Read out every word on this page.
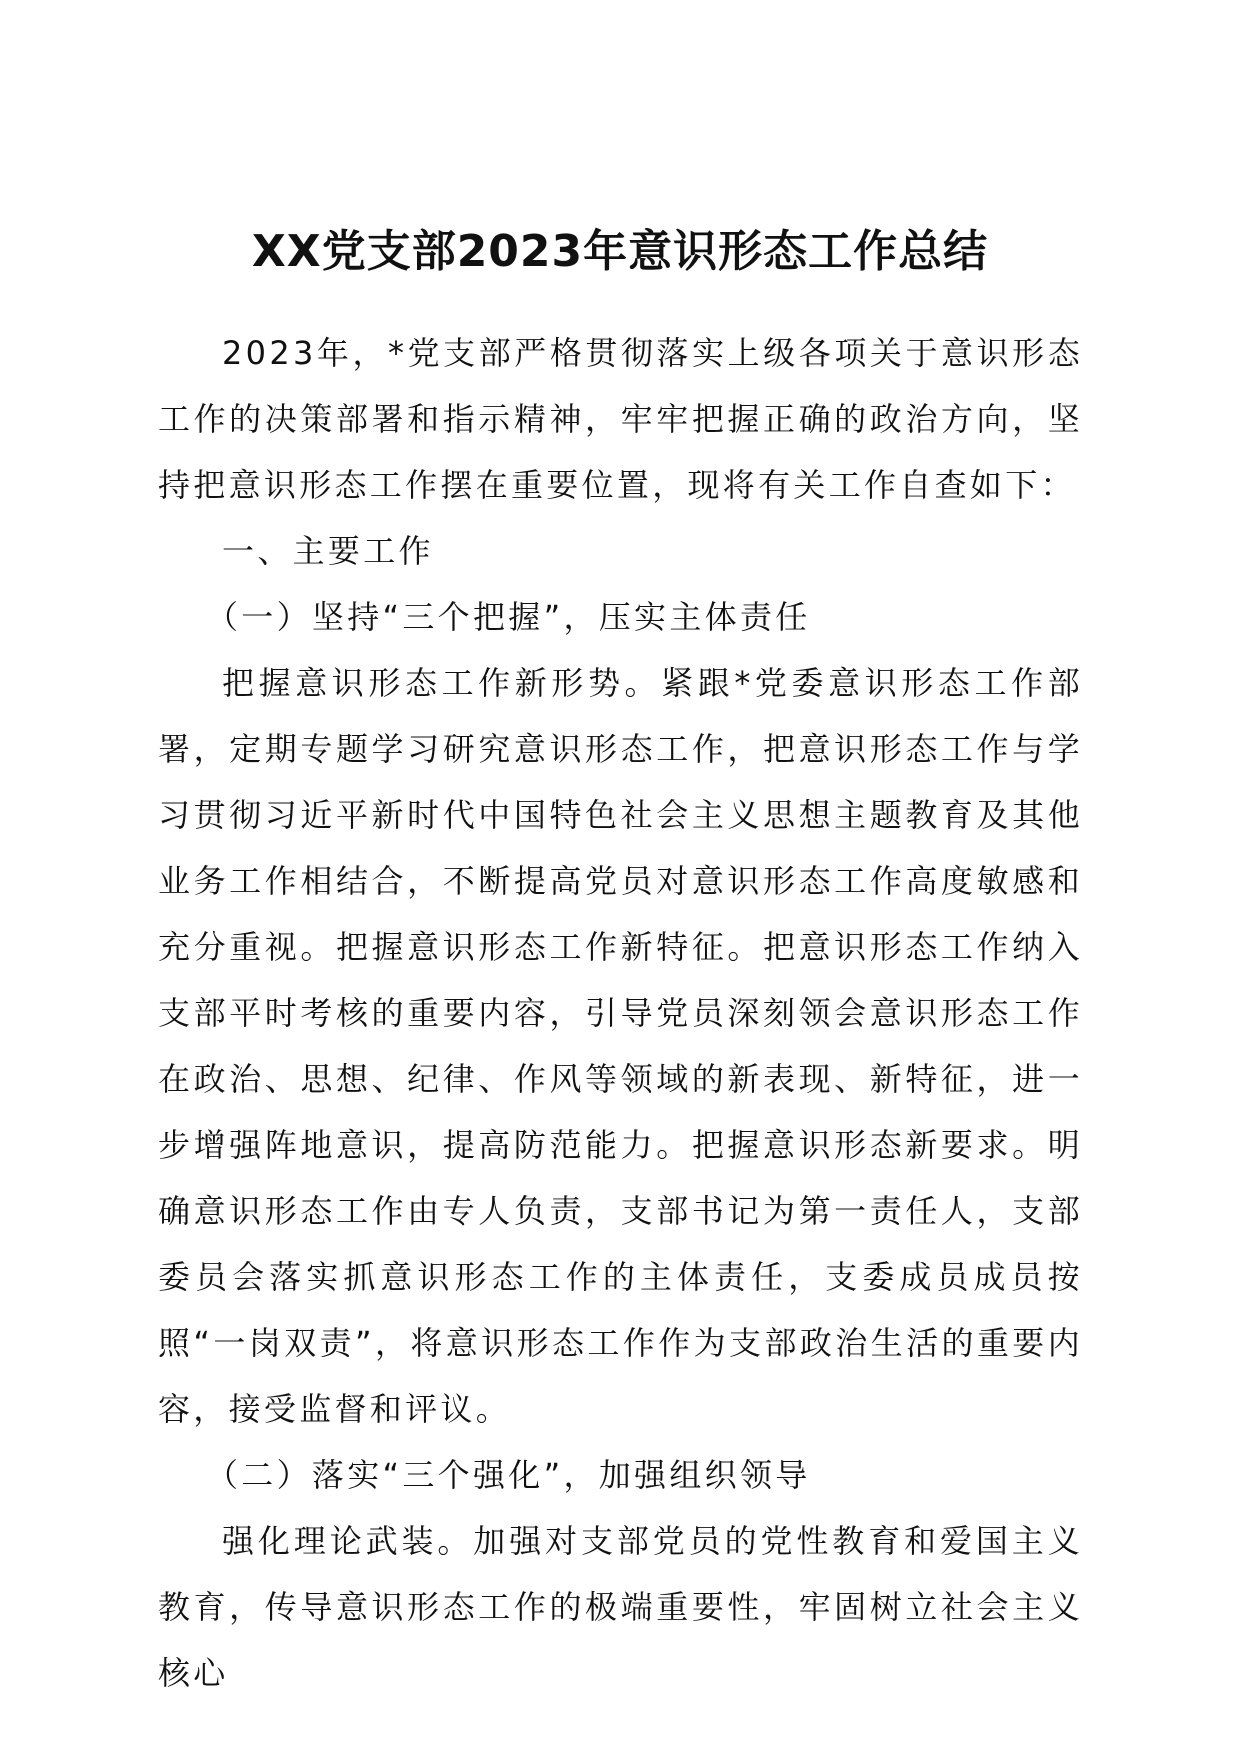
XX党支部2023年意识形态工作总结

2023年，*党支部严格贯彻落实上级各项关于意识形态工作的决策部署和指示精神，牢牢把握正确的政治方向，坚持把意识形态工作摆在重要位置，现将有关工作自查如下：

一、主要工作

（一）坚持“三个把握”，压实主体责任

把握意识形态工作新形势。紧跟*党委意识形态工作部署，定期专题学习研究意识形态工作，把意识形态工作与学习贯彻习近平新时代中国特色社会主义思想主题教育及其他业务工作相结合，不断提高党员对意识形态工作高度敏感和充分重视。把握意识形态工作新特征。把意识形态工作纳入支部平时考核的重要内容，引导党员深刻领会意识形态工作在政治、思想、纪律、作风等领域的新表现、新特征，进一步增强阵地意识，提高防范能力。把握意识形态新要求。明确意识形态工作由专人负责，支部书记为第一责任人，支部委员会落实抓意识形态工作的主体责任，支委成员成员按照“一岗双责”，将意识形态工作作为支部政治生活的重要内容，接受监督和评议。

（二）落实“三个强化”，加强组织领导

强化理论武装。加强对支部党员的党性教育和爱国主义教育，传导意识形态工作的极端重要性，牢固树立社会主义核心
